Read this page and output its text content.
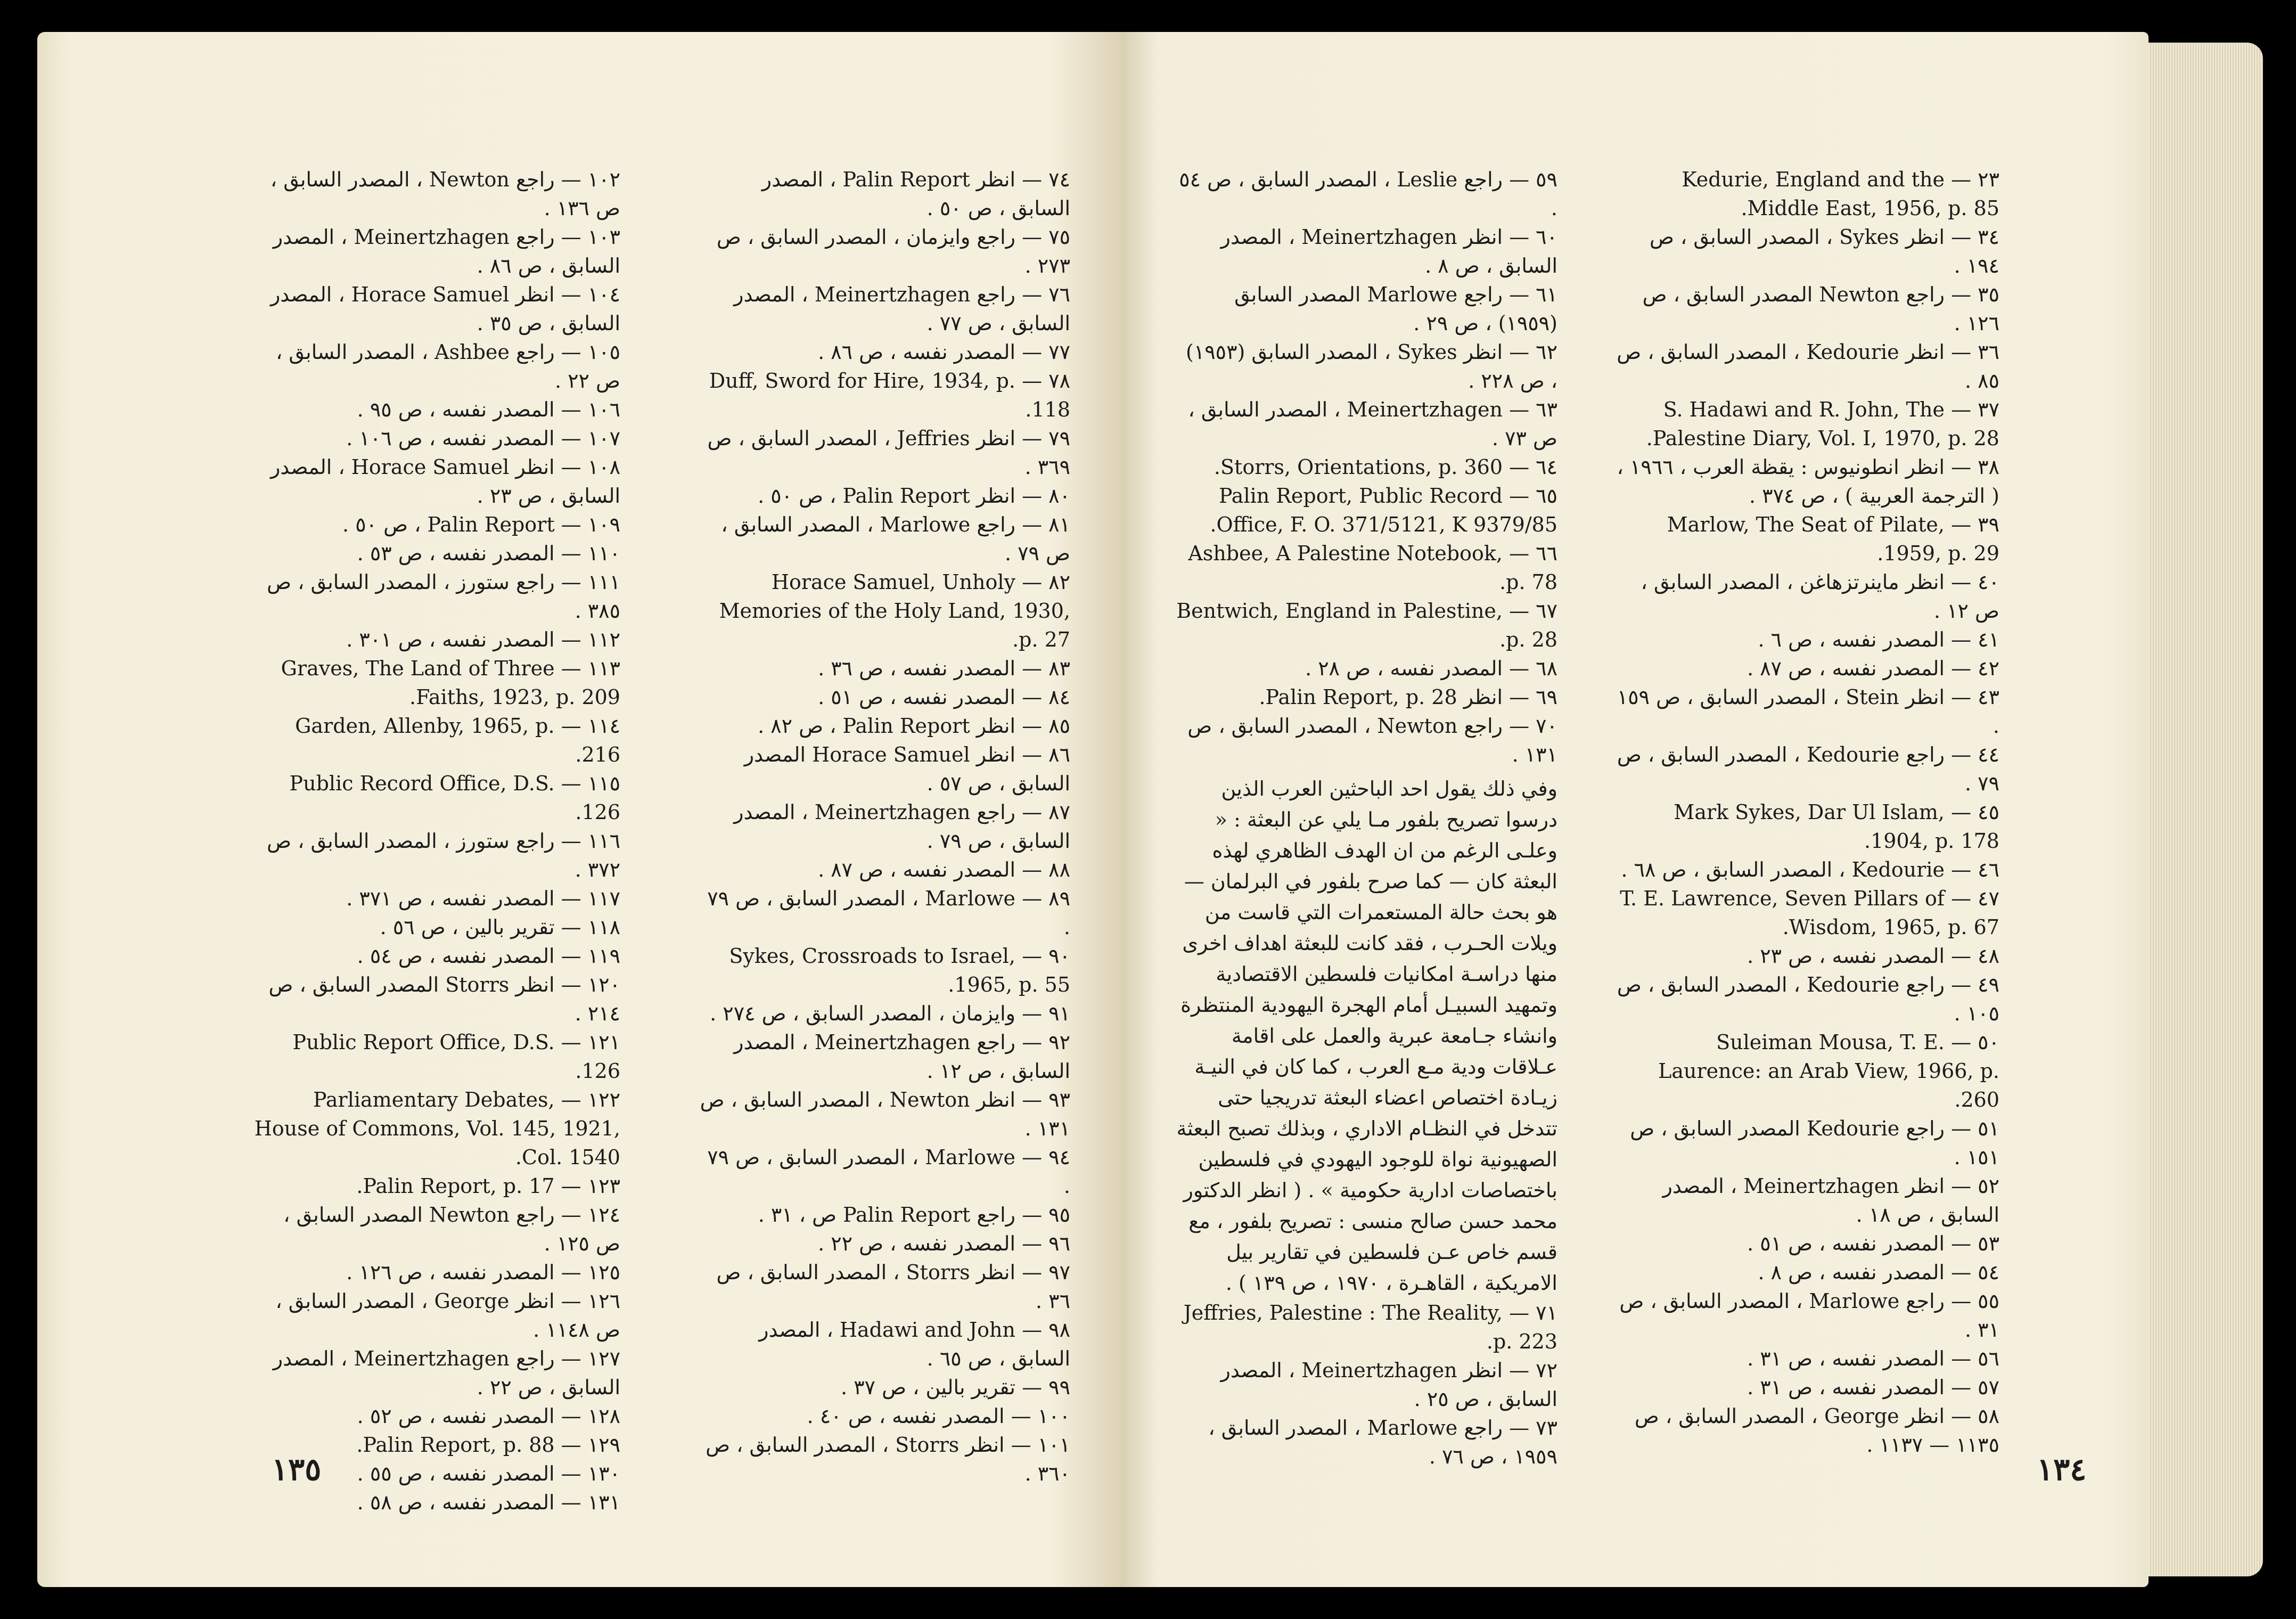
٧٤ — انظر Palin Report ، المصدر السابق ، ص ٥٠ .

٧٥ — راجع وايزمان ، المصدر السابق ، ص ٢٧٣ .

٧٦ — راجع Meinertzhagen ، المصدر السابق ، ص ٧٧ .

٧٧ — المصدر نفسه ، ص ٨٦ .

٧٨ — Duff, Sword for Hire, 1934, p. 118.

٧٩ — انظر Jeffries ، المصدر السابق ، ص ٣٦٩ .

٨٠ — انظر Palin Report ، ص ٥٠ .

٨١ — راجع Marlowe ، المصدر السابق ، ص ٧٩ .

٨٢ — Horace Samuel, Unholy Memories of the Holy Land, 1930, p. 27.

٨٣ — المصدر نفسه ، ص ٣٦ .

٨٤ — المصدر نفسه ، ص ٥١ .

٨٥ — انظر Palin Report ، ص ٨٢ .

٨٦ — انظر Horace Samuel المصدر السابق ، ص ٥٧ .

٨٧ — راجع Meinertzhagen ، المصدر السابق ، ص ٧٩ .

٨٨ — المصدر نفسه ، ص ٨٧ .

٨٩ — Marlowe ، المصدر السابق ، ص ٧٩ .

٩٠ — Sykes, Crossroads to Israel, 1965, p. 55.

٩١ — وايزمان ، المصدر السابق ، ص ٢٧٤ .

٩٢ — راجع Meinertzhagen ، المصدر السابق ، ص ١٢ .

٩٣ — انظر Newton ، المصدر السابق ، ص ١٣١ .

٩٤ — Marlowe ، المصدر السابق ، ص ٧٩ .

٩٥ — راجع Palin Report ص ، ٣١ .

٩٦ — المصدر نفسه ، ص ٢٢ .

٩٧ — انظر Storrs ، المصدر السابق ، ص ٣٦ .

٩٨ — Hadawi and John ، المصدر السابق ، ص ٦٥ .

٩٩ — تقرير بالين ، ص ٣٧ .

١٠٠ — المصدر نفسه ، ص ٤٠ .

١٠١ — انظر Storrs ، المصدر السابق ، ص ٣٦٠ .

١٠٢ — راجع Newton ، المصدر السابق ، ص ١٣٦ .

١٠٣ — راجع Meinertzhagen ، المصدر السابق ، ص ٨٦ .

١٠٤ — انظر Horace Samuel ، المصدر السابق ، ص ٣٥ .

١٠٥ — راجع Ashbee ، المصدر السابق ، ص ٢٢ .

١٠٦ — المصدر نفسه ، ص ٩٥ .

١٠٧ — المصدر نفسه ، ص ١٠٦ .

١٠٨ — انظر Horace Samuel ، المصدر السابق ، ص ٢٣ .

١٠٩ — Palin Report ، ص ٥٠ .

١١٠ — المصدر نفسه ، ص ٥٣ .

١١١ — راجع ستورز ، المصدر السابق ، ص ٣٨٥ .

١١٢ — المصدر نفسه ، ص ٣٠١ .

١١٣ — Graves, The Land of Three Faiths, 1923, p. 209.

١١٤ — Garden, Allenby, 1965, p. 216.

١١٥ — Public Record Office, D.S. 126.

١١٦ — راجع ستورز ، المصدر السابق ، ص ٣٧٢ .

١١٧ — المصدر نفسه ، ص ٣٧١ .

١١٨ — تقرير بالين ، ص ٥٦ .

١١٩ — المصدر نفسه ، ص ٥٤ .

١٢٠ — انظر Storrs المصدر السابق ، ص ٢١٤ .

١٢١ — Public Report Office, D.S. 126.

١٢٢ — Parliamentary Debates, House of Commons, Vol. 145, 1921, Col. 1540.

١٢٣ — Palin Report, p. 17.

١٢٤ — راجع Newton المصدر السابق ، ص ١٢٥ .

١٢٥ — المصدر نفسه ، ص ١٢٦ .

١٢٦ — انظر George ، المصدر السابق ، ص ١١٤٨ .

١٢٧ — راجع Meinertzhagen ، المصدر السابق ، ص ٢٢ .

١٢٨ — المصدر نفسه ، ص ٥٢ .

١٢٩ — Palin Report, p. 88.

١٣٠ — المصدر نفسه ، ص ٥٥ .

١٣١ — المصدر نفسه ، ص ٥٨ .

١٣٥

٢٣ — Kedurie, England and the Middle East, 1956, p. 85.

٣٤ — انظر Sykes ، المصدر السابق ، ص ١٩٤ .

٣٥ — راجع Newton المصدر السابق ، ص ١٢٦ .

٣٦ — انظر Kedourie ، المصدر السابق ، ص ٨٥ .

٣٧ — S. Hadawi and R. John, The Palestine Diary, Vol. I, 1970, p. 28.

٣٨ — انظر انطونيوس : يقظة العرب ، ١٩٦٦ ، ( الترجمة العربية ) ، ص ٣٧٤ .

٣٩ — Marlow, The Seat of Pilate, 1959, p. 29.

٤٠ — انظر ماينرتزهاغن ، المصدر السابق ، ص ١٢ .

٤١ — المصدر نفسه ، ص ٦ .

٤٢ — المصدر نفسه ، ص ٨٧ .

٤٣ — انظر Stein ، المصدر السابق ، ص ١٥٩ .

٤٤ — راجع Kedourie ، المصدر السابق ، ص ٧٩ .

٤٥ — Mark Sykes, Dar Ul Islam, 1904, p. 178.

٤٦ — Kedourie ، المصدر السابق ، ص ٦٨ .

٤٧ — T. E. Lawrence, Seven Pillars of Wisdom, 1965, p. 67.

٤٨ — المصدر نفسه ، ص ٢٣ .

٤٩ — راجع Kedourie ، المصدر السابق ، ص ١٠٥ .

٥٠ — Suleiman Mousa, T. E. Laurence: an Arab View, 1966, p. 260.

٥١ — راجع Kedourie المصدر السابق ، ص ١٥١ .

٥٢ — انظر Meinertzhagen ، المصدر السابق ، ص ١٨ .

٥٣ — المصدر نفسه ، ص ٥١ .

٥٤ — المصدر نفسه ، ص ٨ .

٥٥ — راجع Marlowe ، المصدر السابق ، ص ٣١ .

٥٦ — المصدر نفسه ، ص ٣١ .

٥٧ — المصدر نفسه ، ص ٣١ .

٥٨ — انظر George ، المصدر السابق ، ص ١١٣٥ — ١١٣٧ .

٥٩ — راجع Leslie ، المصدر السابق ، ص ٥٤ .

٦٠ — انظر Meinertzhagen ، المصدر السابق ، ص ٨ .

٦١ — راجع Marlowe المصدر السابق (١٩٥٩) ، ص ٢٩ .

٦٢ — انظر Sykes ، المصدر السابق (١٩٥٣) ، ص ٢٢٨ .

٦٣ — Meinertzhagen ، المصدر السابق ، ص ٧٣ .

٦٤ — Storrs, Orientations, p. 360.

٦٥ — Palin Report, Public Record Office, F. O. 371/5121, K 9379/85.

٦٦ — Ashbee, A Palestine Notebook, p. 78.

٦٧ — Bentwich, England in Palestine, p. 28.

٦٨ — المصدر نفسه ، ص ٢٨ .

٦٩ — انظر Palin Report, p. 28.

٧٠ — راجع Newton ، المصدر السابق ، ص ١٣١ .

وفي ذلك يقول احد الباحثين العرب الذين درسوا تصريح بلفور مـا يلي عن البعثة : « وعلـى الرغم من ان الهدف الظاهري لهذه البعثة كان — كما صرح بلفور في البرلمان — هو بحث حالة المستعمرات التي قاست من ويلات الحـرب ، فقد كانت للبعثة اهداف اخرى منها دراسـة امكانيات فلسطين الاقتصادية وتمهيد السبيـل أمام الهجرة اليهودية المنتظرة وانشاء جـامعة عبرية والعمل على اقامة عـلاقات ودية مـع العرب ، كما كان في النيـة زيـادة اختصاص اعضاء البعثة تدريجيا حتى تتدخل في النظـام الاداري ، وبذلك تصبح البعثة الصهيونية نواة للوجود اليهودي في فلسطين باختصاصات ادارية حكومية » . ( انظر الدكتور محمد حسن صالح منسى : تصريح بلفور ، مع قسم خاص عـن فلسطين في تقارير بيل الامريكية ، القاهـرة ، ١٩٧٠ ، ص ١٣٩ ) .

٧١ — Jeffries, Palestine : The Reality, p. 223.

٧٢ — انظر Meinertzhagen ، المصدر السابق ، ص ٢٥ .

٧٣ — راجع Marlowe ، المصدر السابق ، ١٩٥٩ ، ص ٧٦ .	١٣٤
